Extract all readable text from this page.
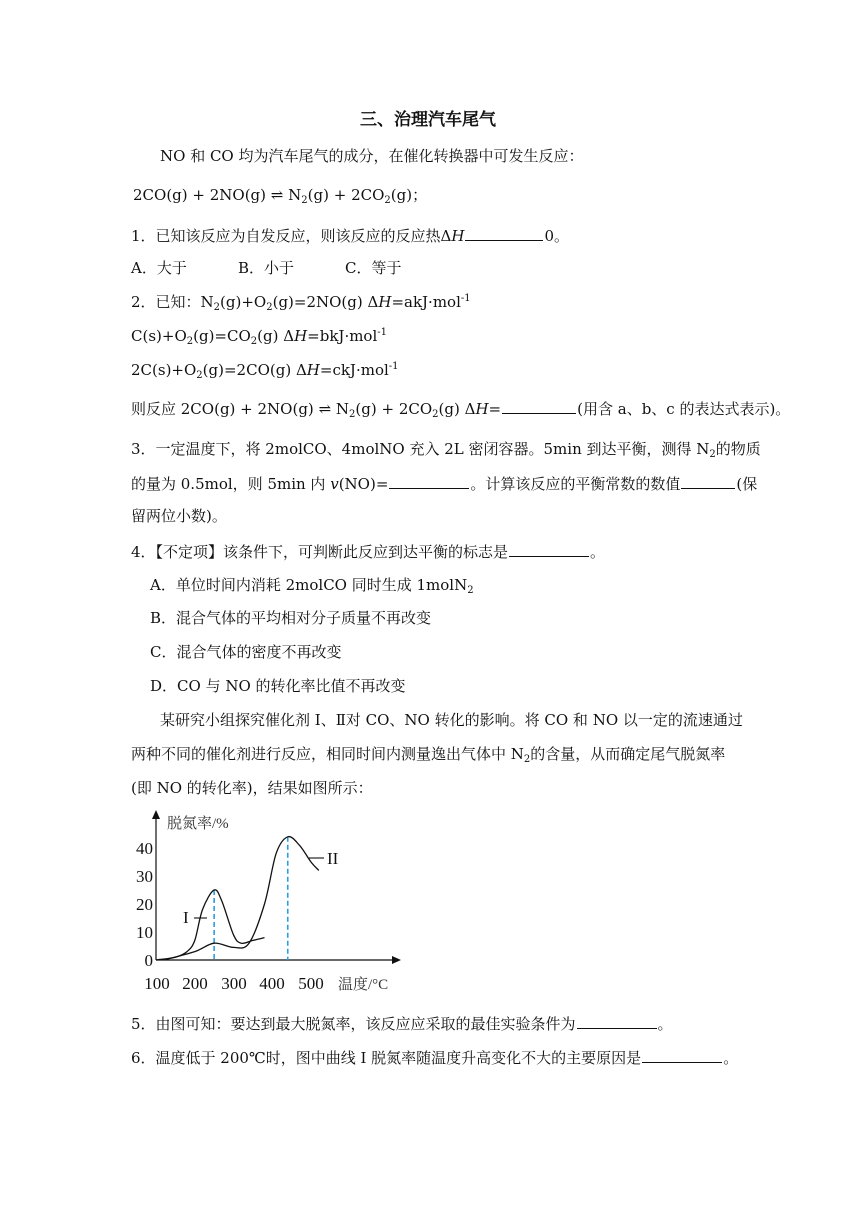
三、治理汽车尾气
NO 和 CO 均为汽车尾气的成分，在催化转换器中可发生反应：
2CO(g) + 2NO(g) ⇌ $N_2(g) + 2CO_2(g)$；
1．已知该反应为自发反应，则该反应的反应热ΔH	0。
A．大于	B．小于	C．等于
2．已知：$N_2(g)+O_2(g)=2NO(g)$ ΔH=akJ·mol$^{-1}$
$C(s)+O_2(g)=CO_2(g)$ ΔH=bkJ·mol$^{-1}$
$2C(s)+O_2(g)=2CO(g)$ ΔH=ckJ·mol$^{-1}$
则反应 2CO(g) + 2NO(g) ⇌ $N_2(g) + 2CO_2(g)$ ΔH=	(用含 a、b、c 的表达式表示)。
3．一定温度下，将 2molCO、4molNO 充入 2L 密闭容器。5min 到达平衡，测得 $N_2$的物质
的量为 0.5mol，则 5min 内 v(NO)=	。计算该反应的平衡常数的数值	(保
留两位小数)。
4．【不定项】该条件下，可判断此反应到达平衡的标志是	。
A．单位时间内消耗 2molCO 同时生成 1molN$_2$
B．混合气体的平均相对分子质量不再改变
C．混合气体的密度不再改变
D．CO 与 NO 的转化率比值不再改变
某研究小组探究催化剂 I、Ⅱ对 CO、NO 转化的影响。将 CO 和 NO 以一定的流速通过
两种不同的催化剂进行反应，相同时间内测量逸出气体中 $N_2$的含量，从而确定尾气脱氮率
(即 NO 的转化率)，结果如图所示：
脱氮率/%
温度/°C
100 200 300 400 500
0
10
20
30
40
I
II
5．由图可知：要达到最大脱氮率，该反应应采取的最佳实验条件为	。
6．温度低于 200℃时，图中曲线 I 脱氮率随温度升高变化不大的主要原因是	。
